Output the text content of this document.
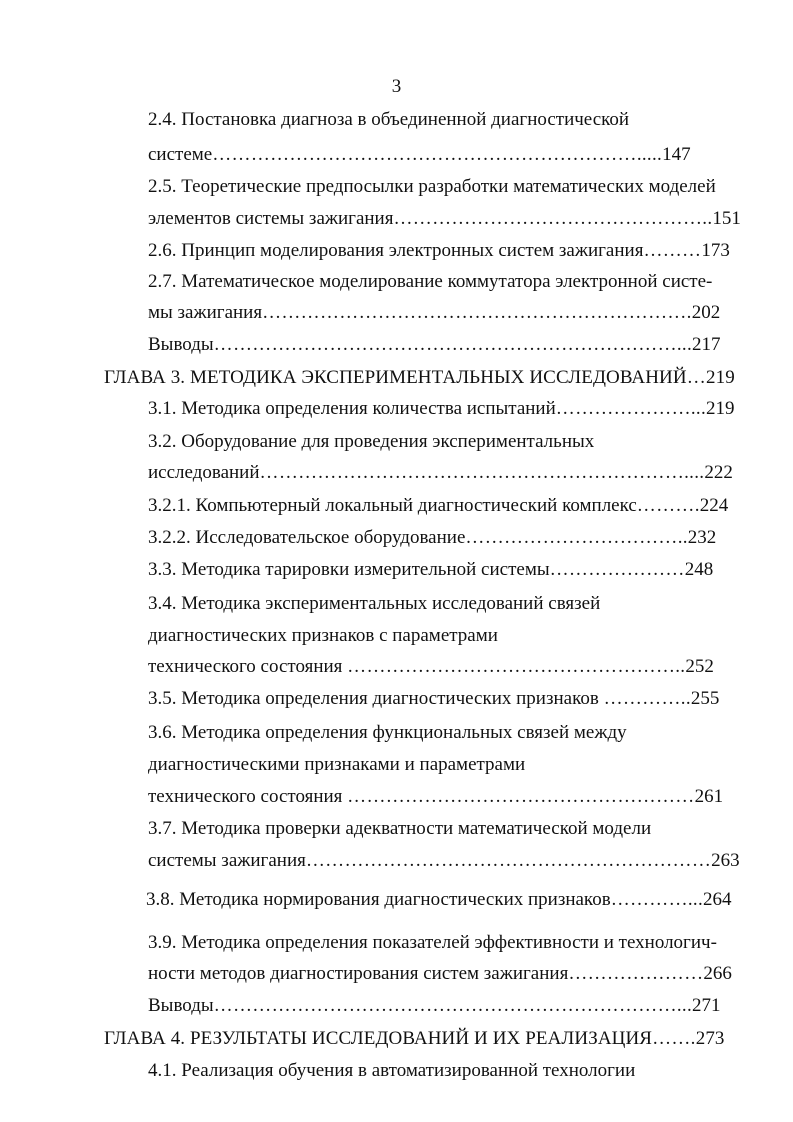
3
2.4. Постановка диагноза в объединенной диагностической
системе………………………………………………………….....147
2.5. Теоретические предпосылки разработки математических моделей
элементов системы зажигания…………………………………………..151
2.6. Принцип моделирования электронных систем зажигания………173
2.7. Математическое моделирование коммутатора электронной систе-
мы зажигания………………………………………………………….202
Выводы………………………………………………………………...217
ГЛАВА 3. МЕТОДИКА ЭКСПЕРИМЕНТАЛЬНЫХ ИССЛЕДОВАНИЙ…219
3.1. Методика определения количества испытаний…………………...219
3.2. Оборудование для проведения экспериментальных
исследований…………………………………………………………....222
3.2.1. Компьютерный локальный диагностический комплекс……….224
3.2.2. Исследовательское оборудование……………………………..232
3.3. Методика тарировки измерительной системы…………………248
3.4. Методика экспериментальных исследований связей
диагностических признаков с параметрами
технического состояния ……………………………………………..252
3.5. Методика определения диагностических признаков …………..255
3.6. Методика определения функциональных связей между
диагностическими признаками и параметрами
технического состояния ………………………………………………261
3.7. Методика проверки адекватности математической модели
системы зажигания………………………………………………………263
3.8. Методика нормирования диагностических признаков…………...264
3.9. Методика определения показателей эффективности и технологич-
ности методов диагностирования систем зажигания…………………266
Выводы………………………………………………………………...271
ГЛАВА 4. РЕЗУЛЬТАТЫ ИССЛЕДОВАНИЙ И ИХ РЕАЛИЗАЦИЯ…….273
4.1. Реализация обучения в автоматизированной технологии
